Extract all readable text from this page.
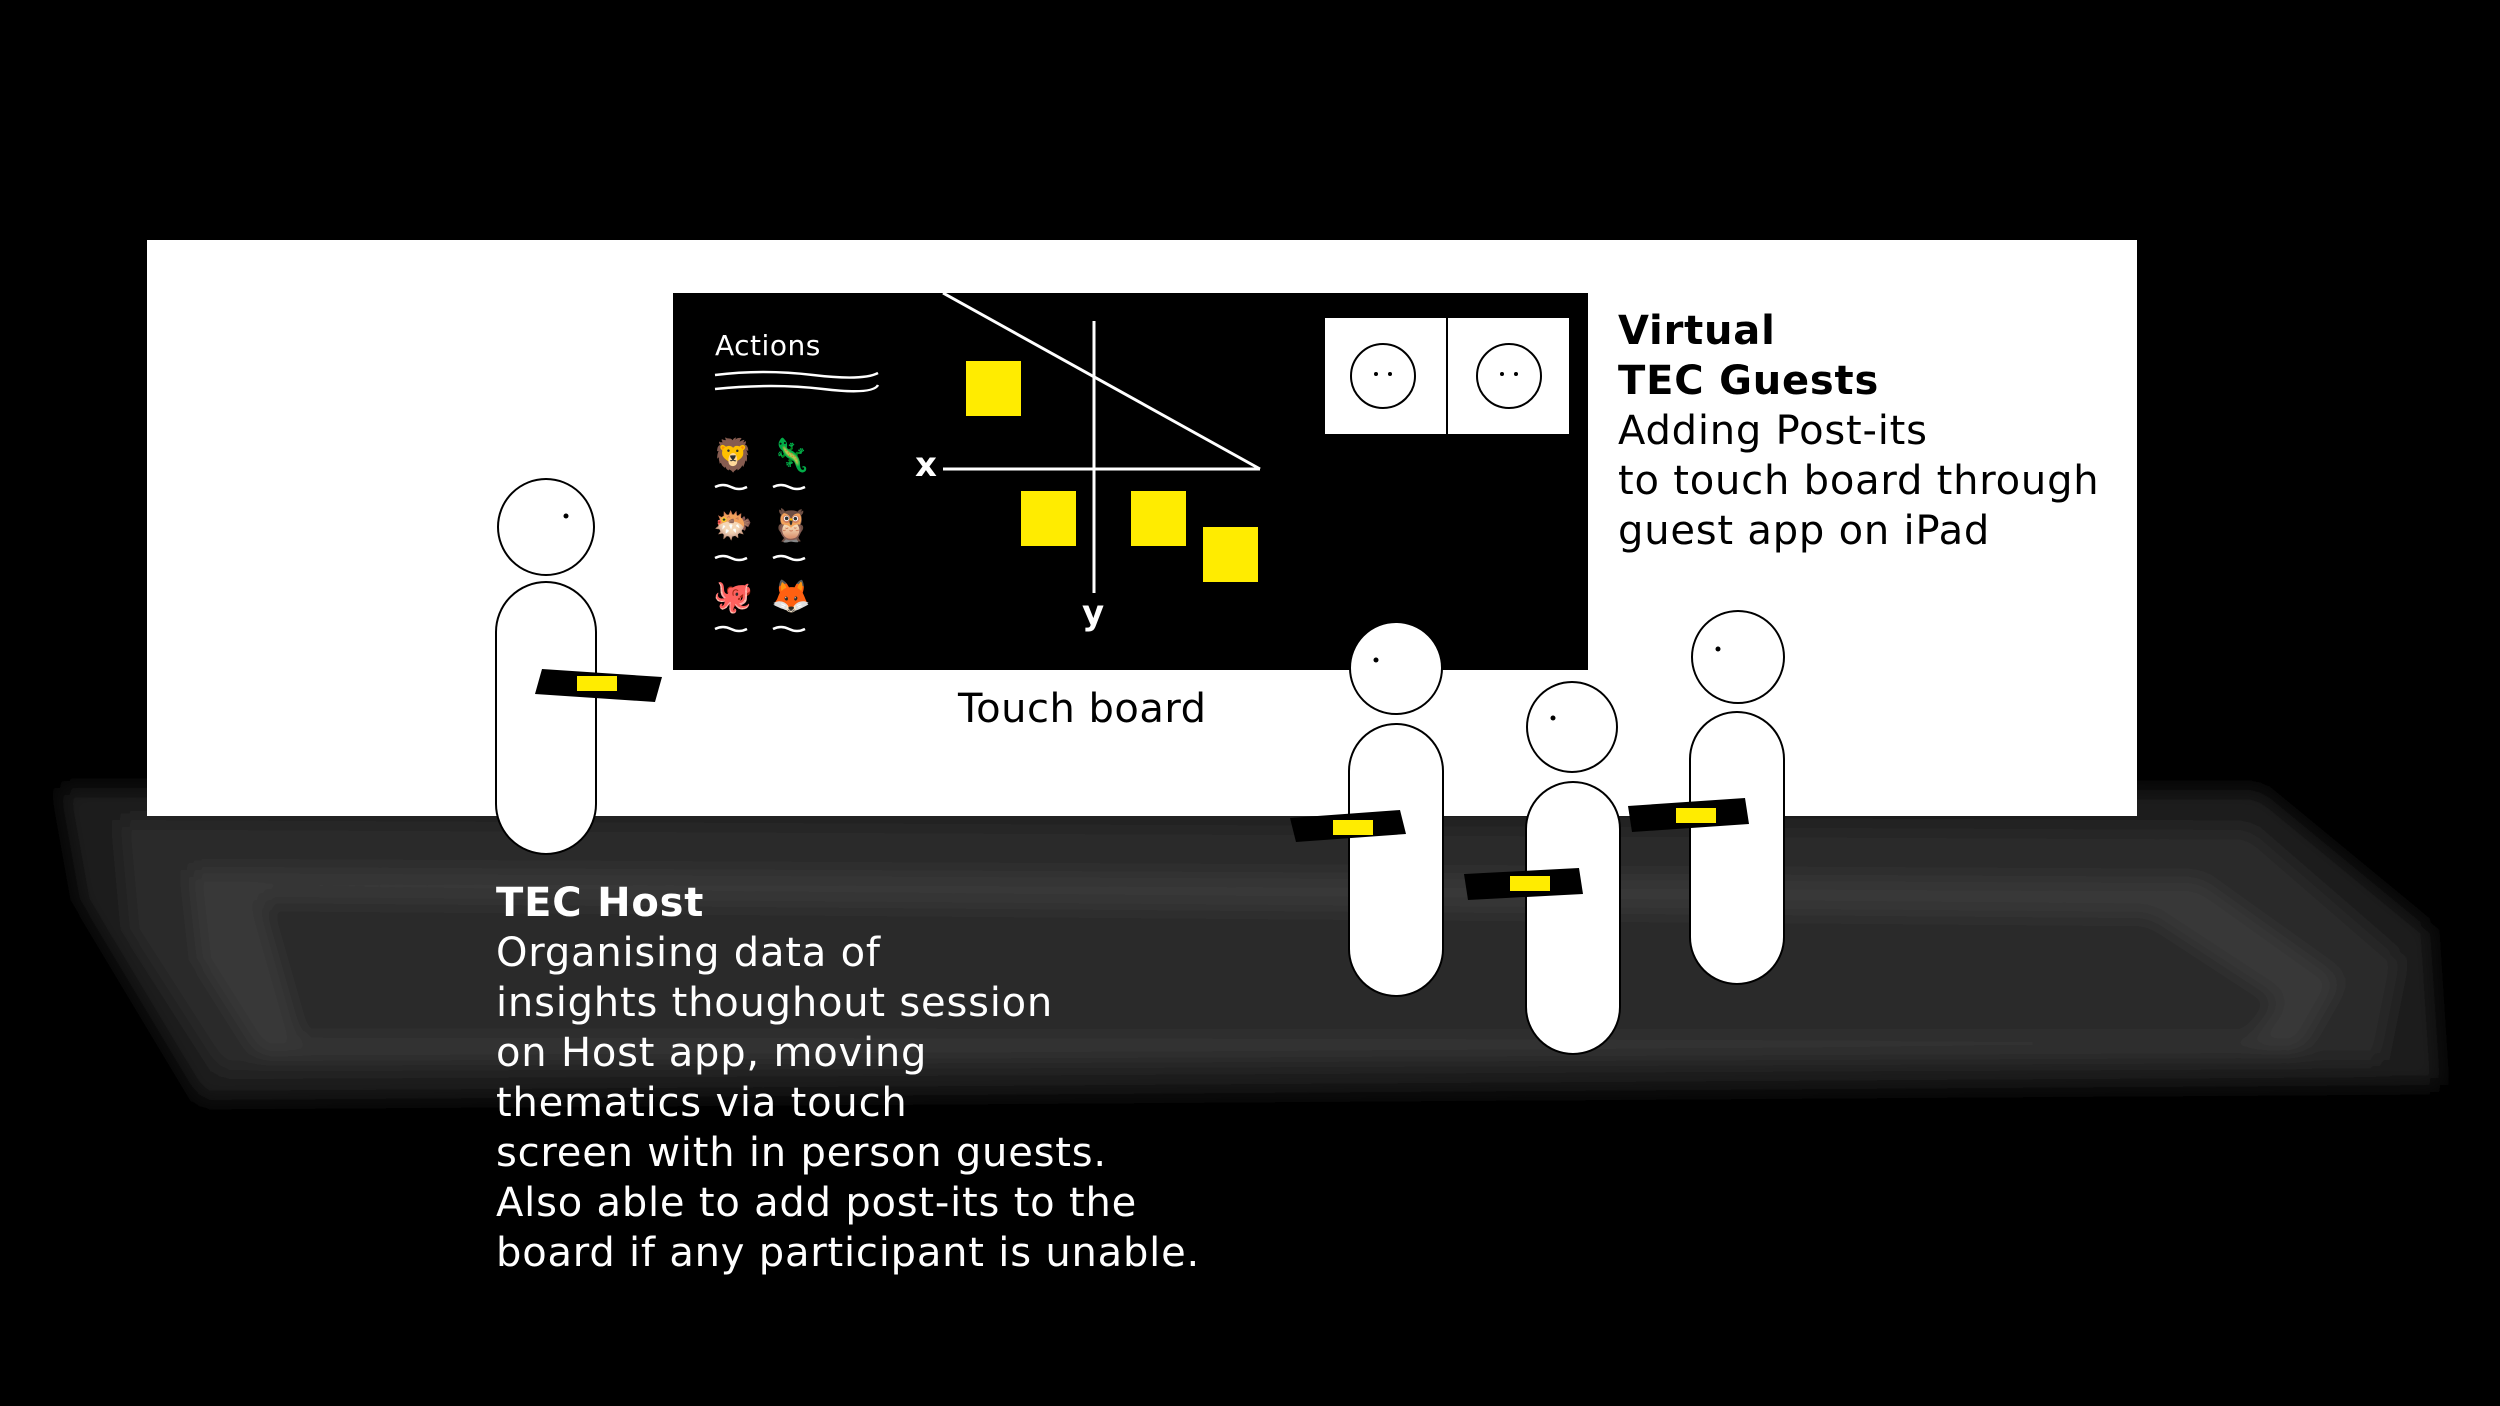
Actions
🦁 🦎
🐡 🦉
🐙 🦊
x
y
Touch board
Virtual
TEC Guests
Adding Post-its
to touch board through
guest app on iPad
TEC Host
Organising data of
insights thoughout session
on Host app, moving
thematics via touch
screen with in person guests.
Also able to add post-its to the
board if any participant is unable.
